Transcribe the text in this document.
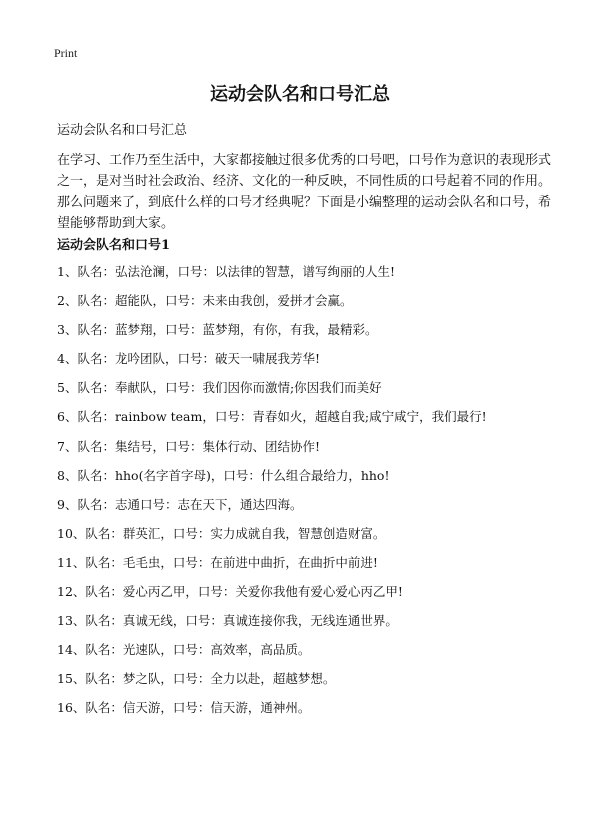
Print
运动会队名和口号汇总
运动会队名和口号汇总

在学习、工作乃至生活中，大家都接触过很多优秀的口号吧，口号作为意识的表现形式之一，是对当时社会政治、经济、文化的一种反映，不同性质的口号起着不同的作用。那么问题来了，到底什么样的口号才经典呢？下面是小编整理的运动会队名和口号，希望能够帮助到大家。

运动会队名和口号1
1、队名：弘法沧澜，口号：以法律的智慧，谱写绚丽的人生!
2、队名：超能队，口号：未来由我创，爱拼才会赢。
3、队名：蓝梦翔，口号：蓝梦翔，有你，有我，最精彩。
4、队名：龙吟团队，口号：破天一啸展我芳华!
5、队名：奉献队，口号：我们因你而激情;你因我们而美好
6、队名：rainbow team，口号：青春如火，超越自我;咸宁咸宁，我们最行!
7、队名：集结号，口号：集体行动、团结协作!
8、队名：hho(名字首字母)，口号：什么组合最给力，hho!
9、队名：志通口号：志在天下，通达四海。
10、队名：群英汇，口号：实力成就自我，智慧创造财富。
11、队名：毛毛虫，口号：在前进中曲折，在曲折中前进!
12、队名：爱心丙乙甲，口号：关爱你我他有爱心爱心丙乙甲!
13、队名：真诚无线，口号：真诚连接你我，无线连通世界。
14、队名：光速队，口号：高效率，高品质。
15、队名：梦之队，口号：全力以赴，超越梦想。
16、队名：信天游，口号：信天游，通神州。
